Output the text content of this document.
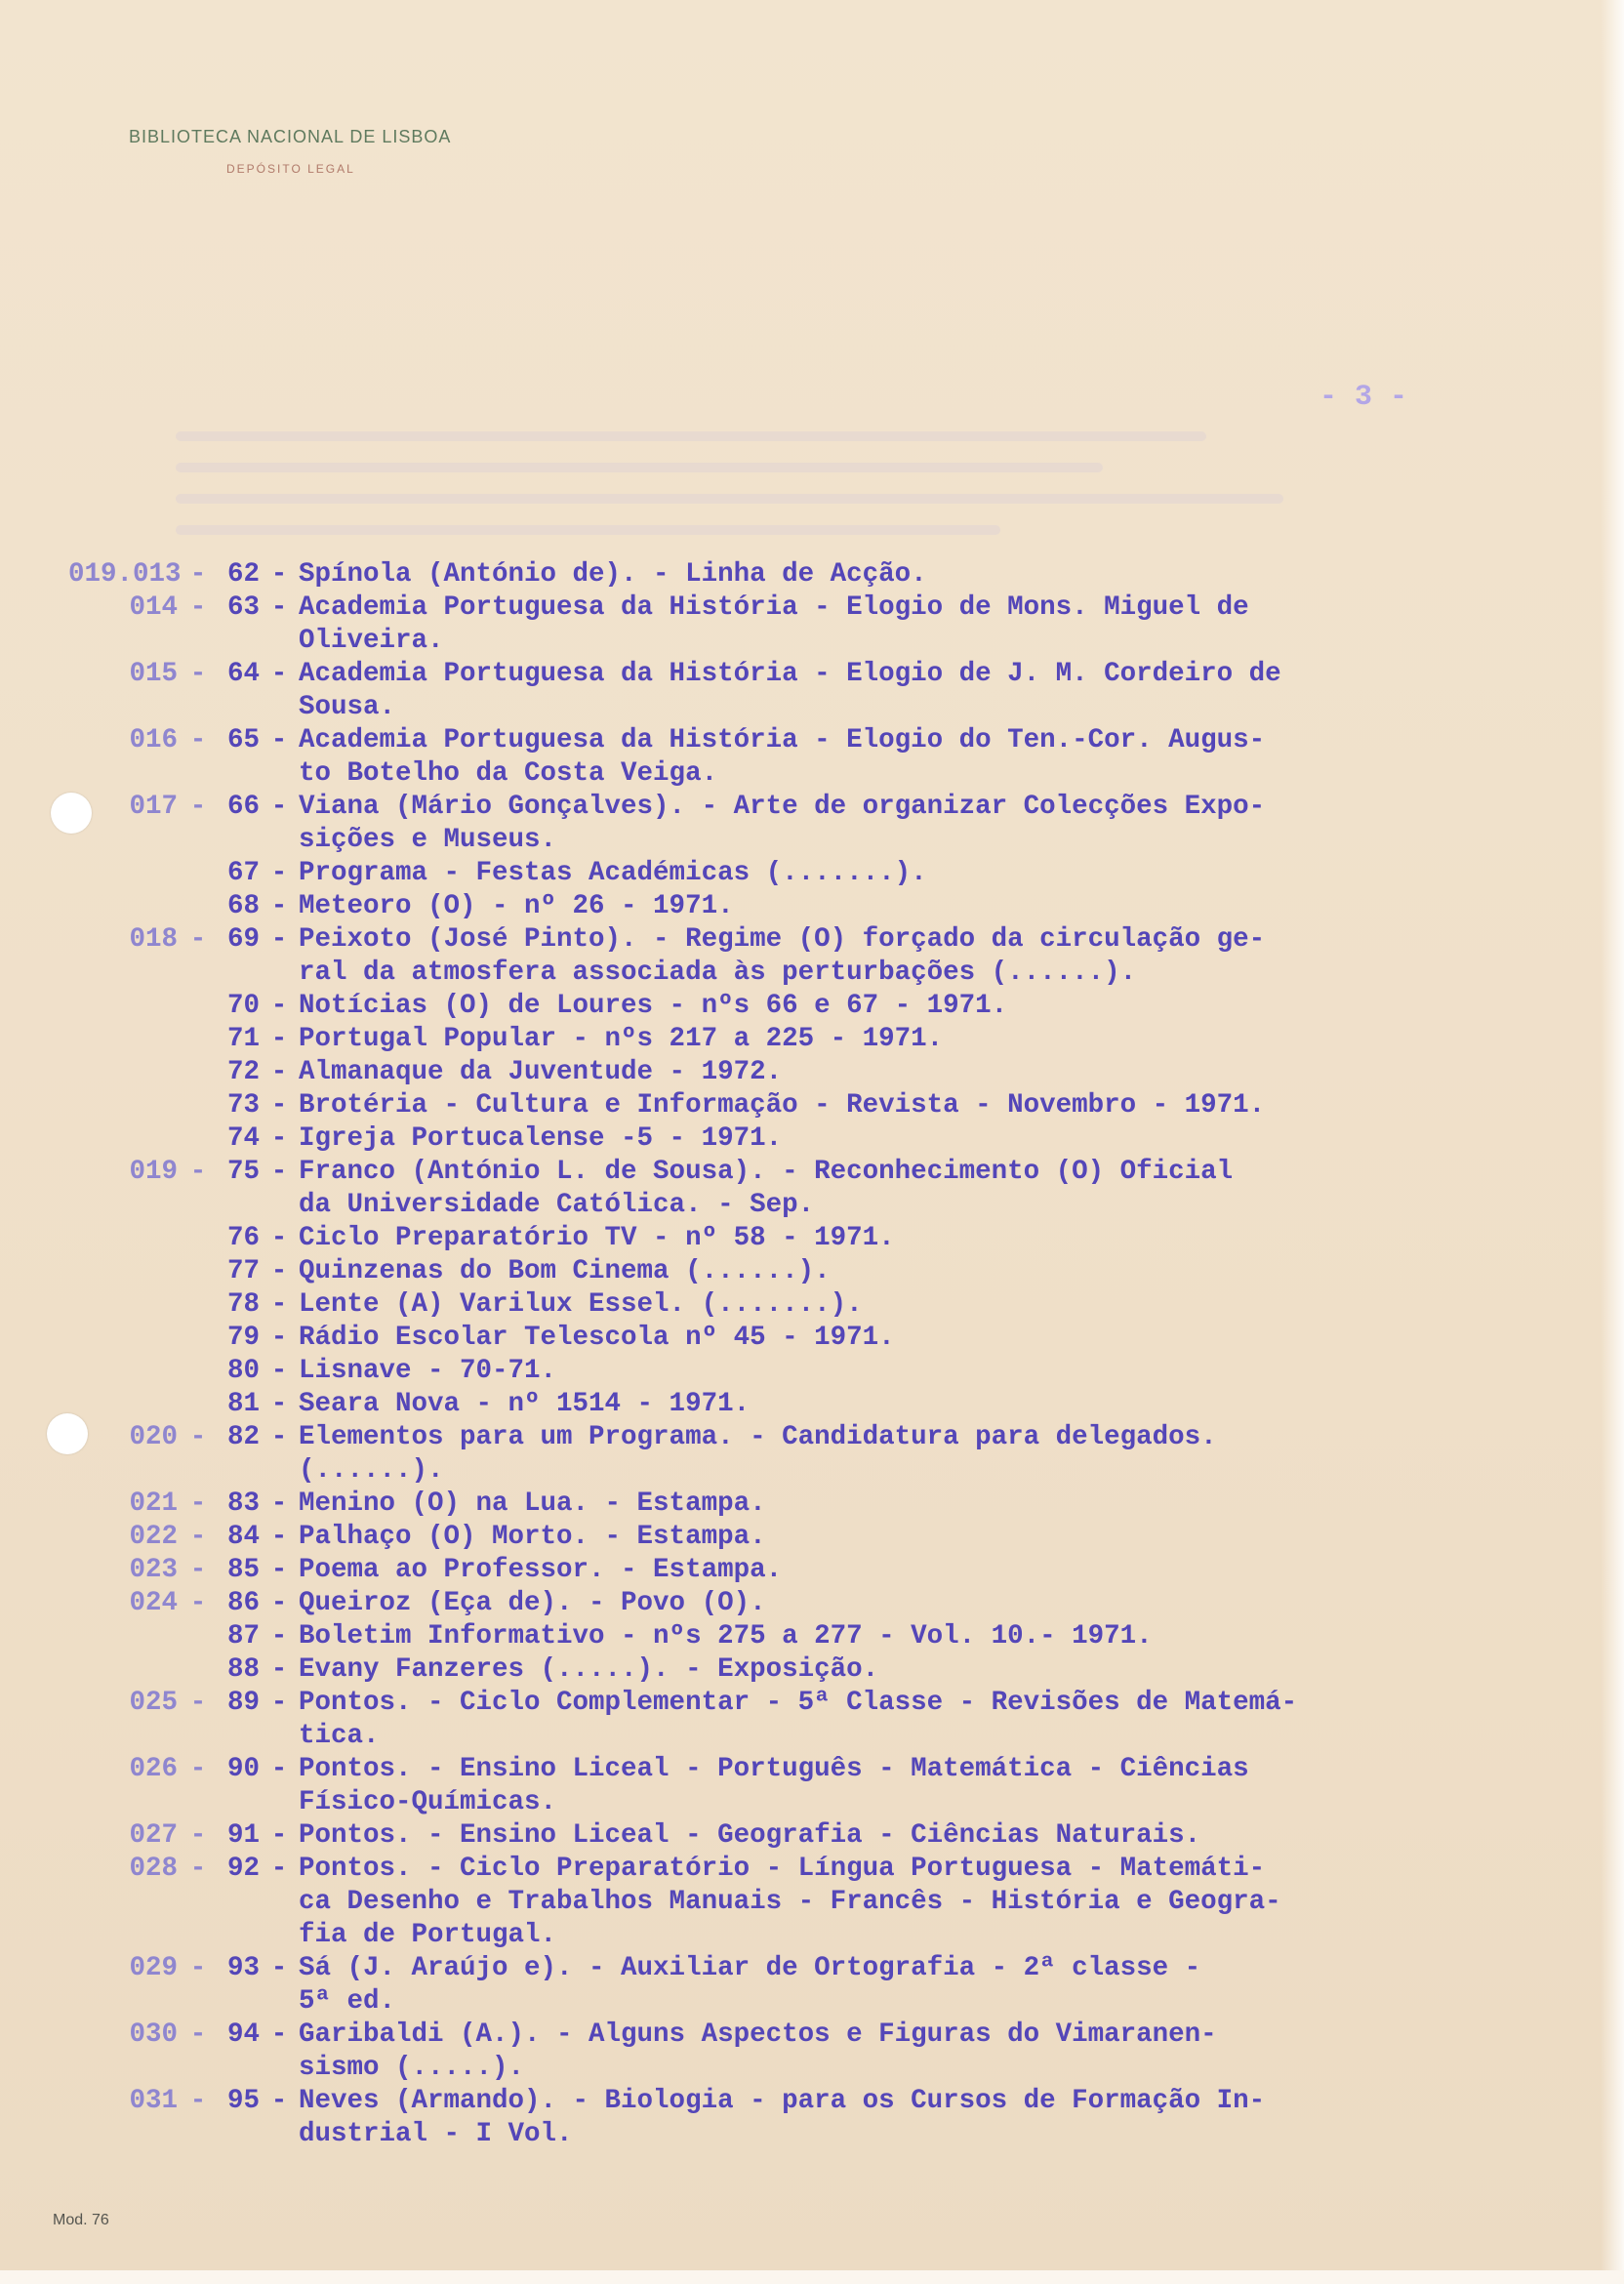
BIBLIOTECA NACIONAL DE LISBOA
DEPÓSITO LEGAL
- 3 -
019.013 - 62 - Spínola (António de). - Linha de Acção.
014 - 63 - Academia Portuguesa da História - Elogio de Mons. Miguel de
Oliveira.
015 - 64 - Academia Portuguesa da História - Elogio de J. M. Cordeiro de
Sousa.
016 - 65 - Academia Portuguesa da História - Elogio do Ten.-Cor. Augus-
to Botelho da Costa Veiga.
017 - 66 - Viana (Mário Gonçalves). - Arte de organizar Colecções Expo-
sições e Museus.
67 - Programa - Festas Académicas (.......).
68 - Meteoro (O) - nº 26 - 1971.
018 - 69 - Peixoto (José Pinto). - Regime (O) forçado da circulação ge-
ral da atmosfera associada às perturbações (......).
70 - Notícias (O) de Loures - nºs 66 e 67 - 1971.
71 - Portugal Popular - nºs 217 a 225 - 1971.
72 - Almanaque da Juventude - 1972.
73 - Brotéria - Cultura e Informação - Revista - Novembro - 1971.
74 - Igreja Portucalense -5 - 1971.
019 - 75 - Franco (António L. de Sousa). - Reconhecimento (O) Oficial
da Universidade Católica. - Sep.
76 - Ciclo Preparatório TV - nº 58 - 1971.
77 - Quinzenas do Bom Cinema (......).
78 - Lente (A) Varilux Essel. (.......).
79 - Rádio Escolar Telescola nº 45 - 1971.
80 - Lisnave - 70-71.
81 - Seara Nova - nº 1514 - 1971.
020 - 82 - Elementos para um Programa. - Candidatura para delegados.
(......).
021 - 83 - Menino (O) na Lua. - Estampa.
022 - 84 - Palhaço (O) Morto. - Estampa.
023 - 85 - Poema ao Professor. - Estampa.
024 - 86 - Queiroz (Eça de). - Povo (O).
87 - Boletim Informativo - nºs 275 a 277 - Vol. 10.- 1971.
88 - Evany Fanzeres (.....). - Exposição.
025 - 89 - Pontos. - Ciclo Complementar - 5ª Classe - Revisões de Matemá-
tica.
026 - 90 - Pontos. - Ensino Liceal - Português - Matemática - Ciências
Físico-Químicas.
027 - 91 - Pontos. - Ensino Liceal - Geografia - Ciências Naturais.
028 - 92 - Pontos. - Ciclo Preparatório - Língua Portuguesa - Matemáti-
ca Desenho e Trabalhos Manuais - Francês - História e Geogra-
fia de Portugal.
029 - 93 - Sá (J. Araújo e). - Auxiliar de Ortografia - 2ª classe -
5ª ed.
030 - 94 - Garibaldi (A.). - Alguns Aspectos e Figuras do Vimaranen-
sismo (.....).
031 - 95 - Neves (Armando). - Biologia - para os Cursos de Formação In-
dustrial - I Vol.
Mod. 76
